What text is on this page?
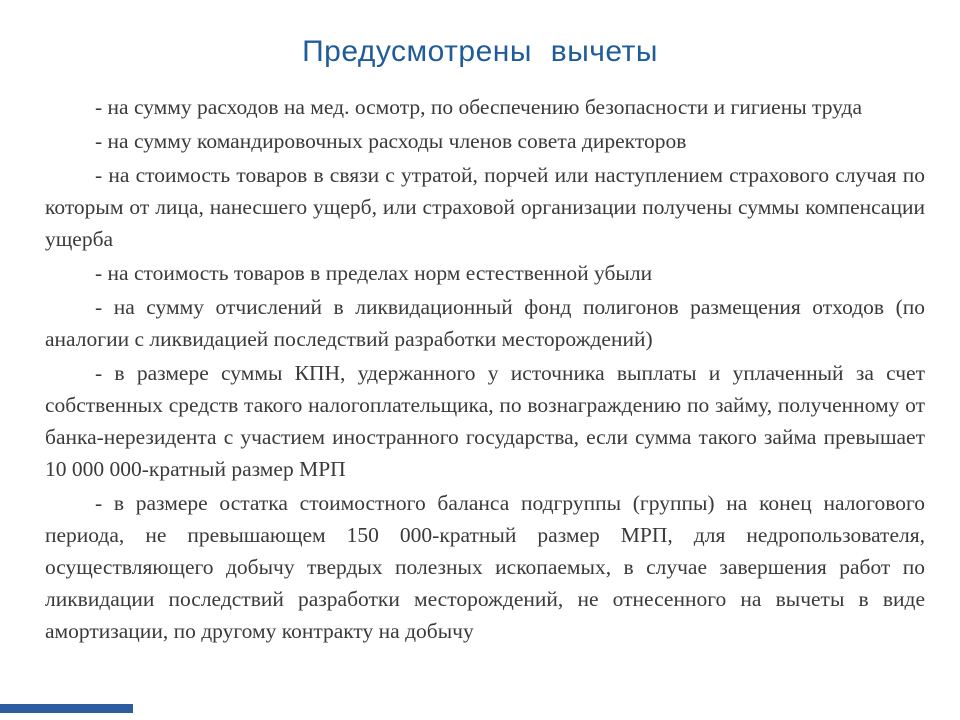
Предусмотрены вычеты

- на сумму расходов на мед. осмотр, по обеспечению безопасности и гигиены труда

- на сумму командировочных расходы членов совета директоров

- на стоимость товаров в связи с утратой, порчей или наступлением страхового случая по которым от лица, нанесшего ущерб, или страховой организации получены суммы компенсации ущерба

- на стоимость товаров в пределах норм естественной убыли

- на сумму отчислений в ликвидационный фонд полигонов размещения отходов (по аналогии с ликвидацией последствий разработки месторождений)

- в размере суммы КПН, удержанного у источника выплаты и уплаченный за счет собственных средств такого налогоплательщика, по вознаграждению по займу, полученному от банка-нерезидента с участием иностранного государства, если сумма такого займа превышает 10 000 000-кратный размер МРП

- в размере остатка стоимостного баланса подгруппы (группы) на конец налогового периода, не превышающем 150 000-кратный размер МРП, для недропользователя, осуществляющего добычу твердых полезных ископаемых, в случае завершения работ по ликвидации последствий разработки месторождений, не отнесенного на вычеты в виде амортизации, по другому контракту на добычу
